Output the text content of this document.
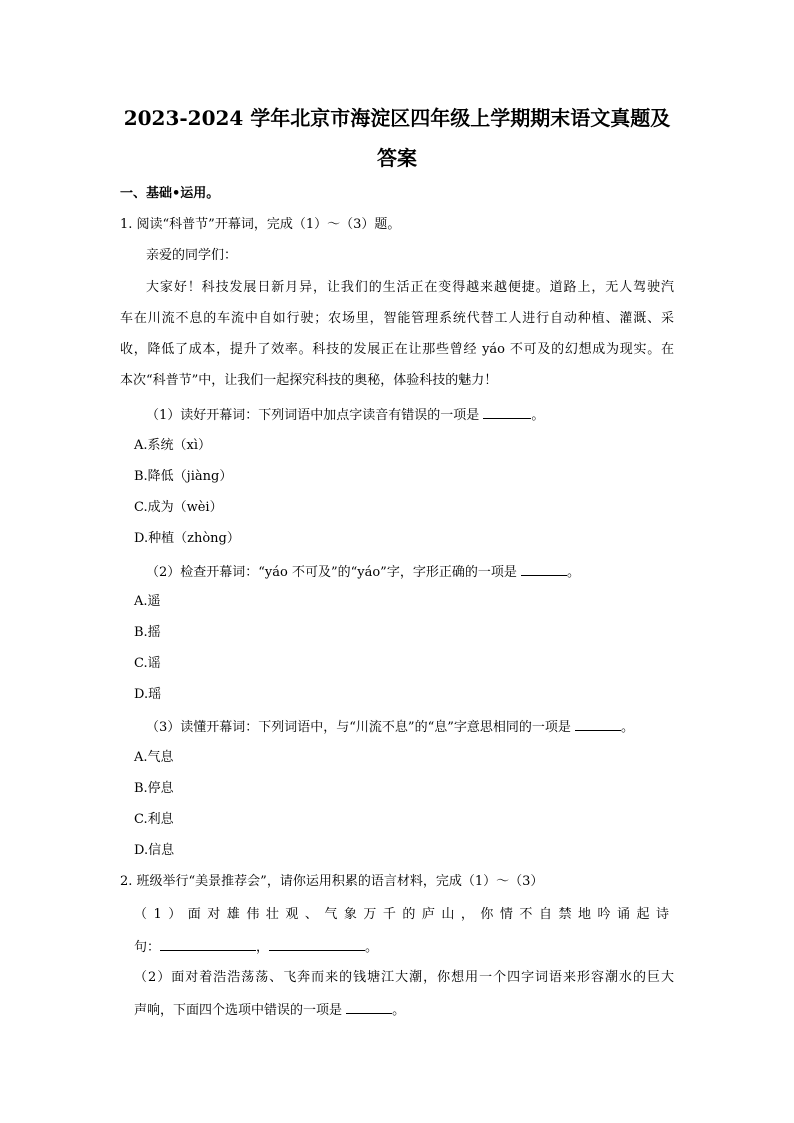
2023-2024 学年北京市海淀区四年级上学期期末语文真题及
答案
一、基础•运用。
1. 阅读“科普节”开幕词，完成（1）～（3）题。
亲爱的同学们：
大家好！科技发展日新月异，让我们的生活正在变得越来越便捷。道路上，无人驾驶汽
车在川流不息的车流中自如行驶；农场里，智能管理系统代替工人进行自动种植、灌溉、采
收，降低了成本，提升了效率。科技的发展正在让那些曾经 yáo 不可及的幻想成为现实。在
本次“科普节”中，让我们一起探究科技的奥秘，体验科技的魅力！
（1）读好开幕词：下列词语中加点字读音有错误的一项是	。
A.系统（xì）
B.降低（jiàng）
C.成为（wèi）
D.种植（zhòng）
（2）检查开幕词：“yáo 不可及”的“yáo”字，字形正确的一项是	。
A.遥
B.摇
C.谣
D.瑶
（3）读懂开幕词：下列词语中，与“川流不息”的“息”字意思相同的一项是	。
A.气息
B.停息
C.利息
D.信息
2. 班级举行“美景推荐会”，请你运用积累的语言材料，完成（1）～（3）
（1）面对雄伟壮观、气象万千的庐山，你情不自禁地吟诵起诗
句：	，	。
（2）面对着浩浩荡荡、飞奔而来的钱塘江大潮，你想用一个四字词语来形容潮水的巨大
声响，下面四个选项中错误的一项是	。
